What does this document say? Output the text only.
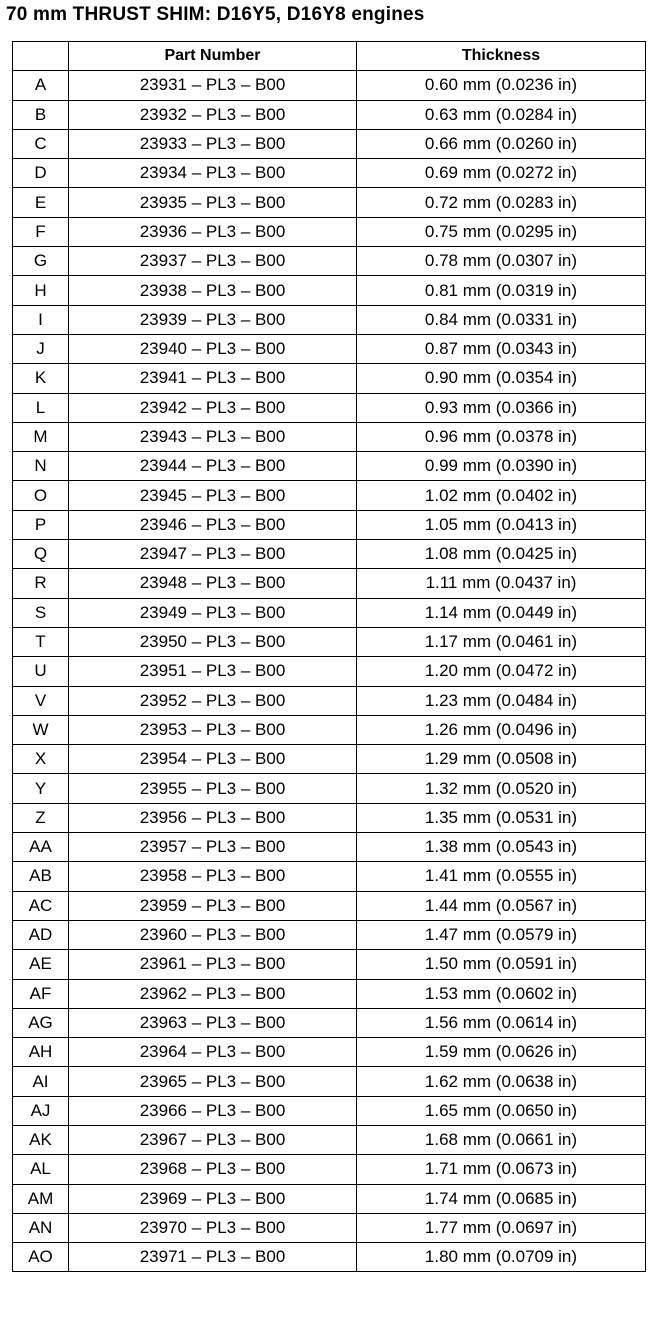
70 mm THRUST SHIM: D16Y5, D16Y8 engines
	Part Number	Thickness
A	23931 – PL3 – B00	0.60 mm (0.0236 in)
B	23932 – PL3 – B00	0.63 mm (0.0284 in)
C	23933 – PL3 – B00	0.66 mm (0.0260 in)
D	23934 – PL3 – B00	0.69 mm (0.0272 in)
E	23935 – PL3 – B00	0.72 mm (0.0283 in)
F	23936 – PL3 – B00	0.75 mm (0.0295 in)
G	23937 – PL3 – B00	0.78 mm (0.0307 in)
H	23938 – PL3 – B00	0.81 mm (0.0319 in)
I	23939 – PL3 – B00	0.84 mm (0.0331 in)
J	23940 – PL3 – B00	0.87 mm (0.0343 in)
K	23941 – PL3 – B00	0.90 mm (0.0354 in)
L	23942 – PL3 – B00	0.93 mm (0.0366 in)
M	23943 – PL3 – B00	0.96 mm (0.0378 in)
N	23944 – PL3 – B00	0.99 mm (0.0390 in)
O	23945 – PL3 – B00	1.02 mm (0.0402 in)
P	23946 – PL3 – B00	1.05 mm (0.0413 in)
Q	23947 – PL3 – B00	1.08 mm (0.0425 in)
R	23948 – PL3 – B00	1.11 mm (0.0437 in)
S	23949 – PL3 – B00	1.14 mm (0.0449 in)
T	23950 – PL3 – B00	1.17 mm (0.0461 in)
U	23951 – PL3 – B00	1.20 mm (0.0472 in)
V	23952 – PL3 – B00	1.23 mm (0.0484 in)
W	23953 – PL3 – B00	1.26 mm (0.0496 in)
X	23954 – PL3 – B00	1.29 mm (0.0508 in)
Y	23955 – PL3 – B00	1.32 mm (0.0520 in)
Z	23956 – PL3 – B00	1.35 mm (0.0531 in)
AA	23957 – PL3 – B00	1.38 mm (0.0543 in)
AB	23958 – PL3 – B00	1.41 mm (0.0555 in)
AC	23959 – PL3 – B00	1.44 mm (0.0567 in)
AD	23960 – PL3 – B00	1.47 mm (0.0579 in)
AE	23961 – PL3 – B00	1.50 mm (0.0591 in)
AF	23962 – PL3 – B00	1.53 mm (0.0602 in)
AG	23963 – PL3 – B00	1.56 mm (0.0614 in)
AH	23964 – PL3 – B00	1.59 mm (0.0626 in)
AI	23965 – PL3 – B00	1.62 mm (0.0638 in)
AJ	23966 – PL3 – B00	1.65 mm (0.0650 in)
AK	23967 – PL3 – B00	1.68 mm (0.0661 in)
AL	23968 – PL3 – B00	1.71 mm (0.0673 in)
AM	23969 – PL3 – B00	1.74 mm (0.0685 in)
AN	23970 – PL3 – B00	1.77 mm (0.0697 in)
AO	23971 – PL3 – B00	1.80 mm (0.0709 in)
